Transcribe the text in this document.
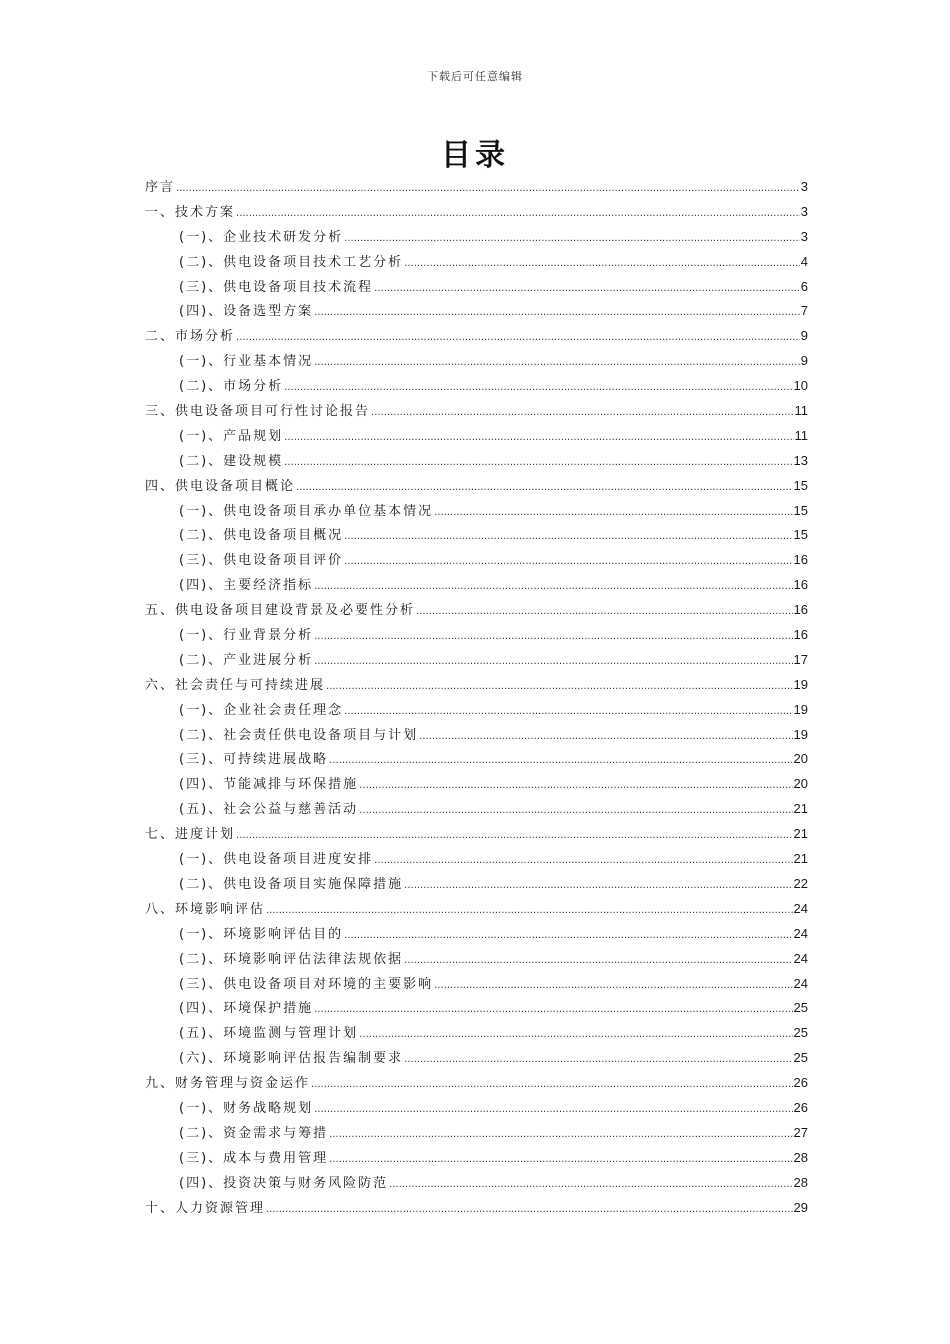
下载后可任意编辑
目录
序言 .....	3
一、技术方案 .....	3
(一)、企业技术研发分析 .....	3
(二)、供电设备项目技术工艺分析 .....	4
(三)、供电设备项目技术流程 .....	6
(四)、设备选型方案 .....	7
二、市场分析 .....	9
(一)、行业基本情况 .....	9
(二)、市场分析 .....	10
三、供电设备项目可行性讨论报告 .....	11
(一)、产品规划 .....	11
(二)、建设规模 .....	13
四、供电设备项目概论 .....	15
(一)、供电设备项目承办单位基本情况 .....	15
(二)、供电设备项目概况 .....	15
(三)、供电设备项目评价 .....	16
(四)、主要经济指标 .....	16
五、供电设备项目建设背景及必要性分析 .....	16
(一)、行业背景分析 .....	16
(二)、产业进展分析 .....	17
六、社会责任与可持续进展 .....	19
(一)、企业社会责任理念 .....	19
(二)、社会责任供电设备项目与计划 .....	19
(三)、可持续进展战略 .....	20
(四)、节能减排与环保措施 .....	20
(五)、社会公益与慈善活动 .....	21
七、进度计划 .....	21
(一)、供电设备项目进度安排 .....	21
(二)、供电设备项目实施保障措施 .....	22
八、环境影响评估 .....	24
(一)、环境影响评估目的 .....	24
(二)、环境影响评估法律法规依据 .....	24
(三)、供电设备项目对环境的主要影响 .....	24
(四)、环境保护措施 .....	25
(五)、环境监测与管理计划 .....	25
(六)、环境影响评估报告编制要求 .....	25
九、财务管理与资金运作 .....	26
(一)、财务战略规划 .....	26
(二)、资金需求与筹措 .....	27
(三)、成本与费用管理 .....	28
(四)、投资决策与财务风险防范 .....	28
十、人力资源管理 .....	29
